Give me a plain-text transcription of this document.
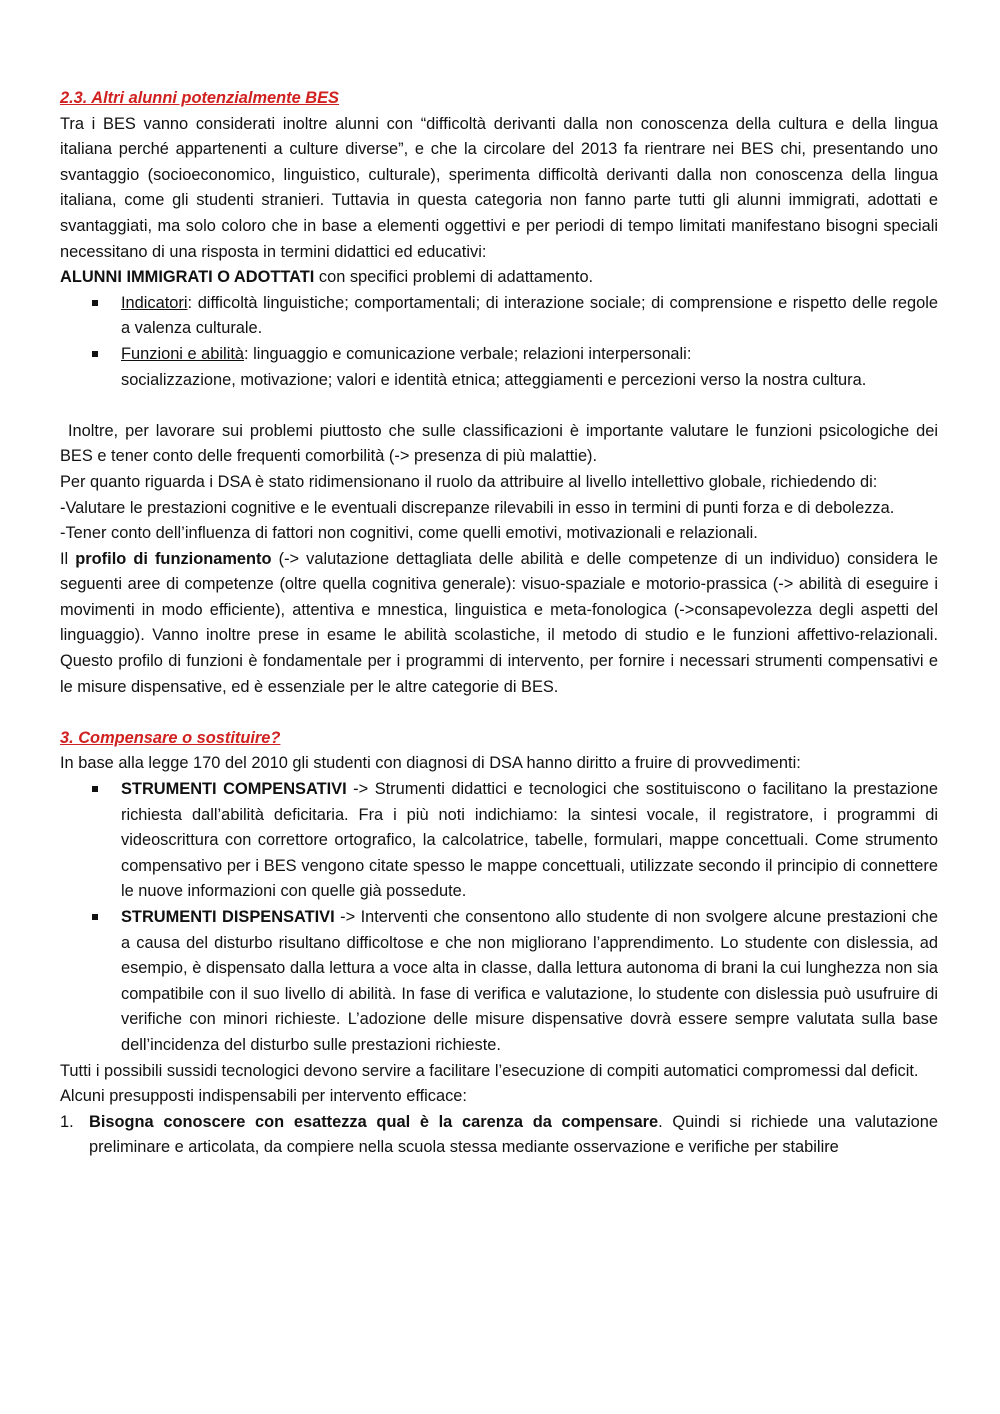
2.3. Altri alunni potenzialmente BES

Tra i BES vanno considerati inoltre alunni con “difficoltà derivanti dalla non conoscenza della cultura e della lingua italiana perché appartenenti a culture diverse”, e che la circolare del 2013 fa rientrare nei BES chi, presentando uno svantaggio (socioeconomico, linguistico, culturale), sperimenta difficoltà derivanti dalla non conoscenza della lingua italiana, come gli studenti stranieri. Tuttavia in questa categoria non fanno parte tutti gli alunni immigrati, adottati e svantaggiati, ma solo coloro che in base a elementi oggettivi e per periodi di tempo limitati manifestano bisogni speciali necessitano di una risposta in termini didattici ed educativi:

ALUNNI IMMIGRATI O ADOTTATI con specifici problemi di adattamento.

Indicatori: difficoltà linguistiche; comportamentali; di interazione sociale; di comprensione e rispetto delle regole a valenza culturale.

Funzioni e abilità: linguaggio e comunicazione verbale; relazioni interpersonali:

socializzazione, motivazione; valori e identità etnica; atteggiamenti e percezioni verso la nostra cultura.

Inoltre, per lavorare sui problemi piuttosto che sulle classificazioni è importante valutare le funzioni psicologiche dei BES e tener conto delle frequenti comorbilità (-> presenza di più malattie).

Per quanto riguarda i DSA è stato ridimensionano il ruolo da attribuire al livello intellettivo globale, richiedendo di:

-Valutare le prestazioni cognitive e le eventuali discrepanze rilevabili in esso in termini di punti forza e di debolezza.

-Tener conto dell’influenza di fattori non cognitivi, come quelli emotivi, motivazionali e relazionali.

Il profilo di funzionamento (-> valutazione dettagliata delle abilità e delle competenze di un individuo) considera le seguenti aree di competenze (oltre quella cognitiva generale): visuo-spaziale e motorio-prassica (-> abilità di eseguire i movimenti in modo efficiente), attentiva e mnestica, linguistica e meta-fonologica (->consapevolezza degli aspetti del linguaggio). Vanno inoltre prese in esame le abilità scolastiche, il metodo di studio e le funzioni affettivo-relazionali. Questo profilo di funzioni è fondamentale per i programmi di intervento, per fornire i necessari strumenti compensativi e le misure dispensative, ed è essenziale per le altre categorie di BES.

3. Compensare o sostituire?

In base alla legge 170 del 2010 gli studenti con diagnosi di DSA hanno diritto a fruire di provvedimenti:

STRUMENTI COMPENSATIVI -> Strumenti didattici e tecnologici che sostituiscono o facilitano la prestazione richiesta dall’abilità deficitaria. Fra i più noti indichiamo: la sintesi vocale, il registratore, i programmi di videoscrittura con correttore ortografico, la calcolatrice, tabelle, formulari, mappe concettuali. Come strumento compensativo per i BES vengono citate spesso le mappe concettuali, utilizzate secondo il principio di connettere le nuove informazioni con quelle già possedute.
STRUMENTI DISPENSATIVI -> Interventi che consentono allo studente di non svolgere alcune prestazioni che a causa del disturbo risultano difficoltose e che non migliorano l’apprendimento. Lo studente con dislessia, ad esempio, è dispensato dalla lettura a voce alta in classe, dalla lettura autonoma di brani la cui lunghezza non sia compatibile con il suo livello di abilità. In fase di verifica e valutazione, lo studente con dislessia può usufruire di verifiche con minori richieste. L’adozione delle misure dispensative dovrà essere sempre valutata sulla base dell’incidenza del disturbo sulle prestazioni richieste.

Tutti i possibili sussidi tecnologici devono servire a facilitare l’esecuzione di compiti automatici compromessi dal deficit.

Alcuni presupposti indispensabili per intervento efficace:

1. Bisogna conoscere con esattezza qual è la carenza da compensare. Quindi si richiede una valutazione preliminare e articolata, da compiere nella scuola stessa mediante osservazione e verifiche per stabilire
